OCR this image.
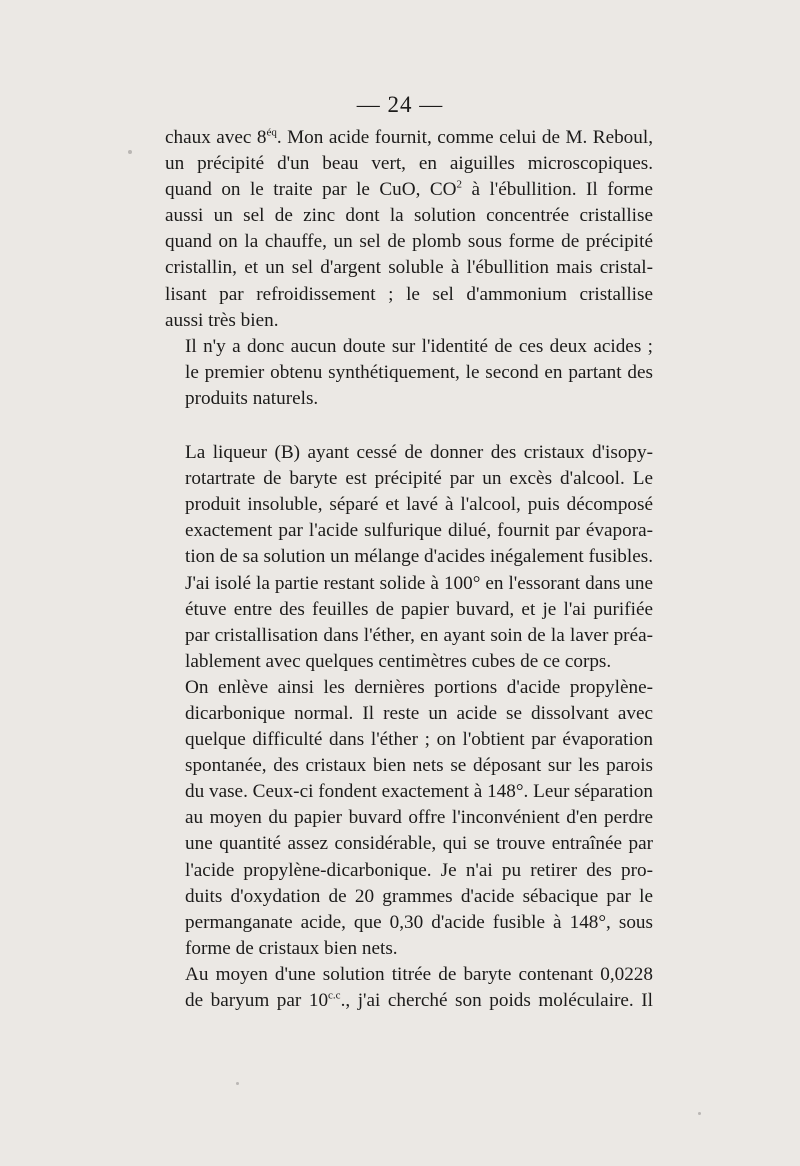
— 24 —

chaux avec $8^{éq}$. Mon acide fournit, comme celui de M. Reboul,
un précipité d'un beau vert, en aiguilles microscopiques.
quand on le traite par le CuO, $CO^2$ à l'ébullition. Il forme
aussi un sel de zinc dont la solution concentrée cristallise
quand on la chauffe, un sel de plomb sous forme de précipité
cristallin, et un sel d'argent soluble à l'ébullition mais cristal-
lisant par refroidissement ; le sel d'ammonium cristallise
aussi très bien.

Il n'y a donc aucun doute sur l'identité de ces deux acides ;
le premier obtenu synthétiquement, le second en partant des
produits naturels.

La liqueur (B) ayant cessé de donner des cristaux d'isopy-
rotartrate de baryte est précipité par un excès d'alcool. Le
produit insoluble, séparé et lavé à l'alcool, puis décomposé
exactement par l'acide sulfurique dilué, fournit par évapora-
tion de sa solution un mélange d'acides inégalement fusibles.
J'ai isolé la partie restant solide à 100° en l'essorant dans une
étuve entre des feuilles de papier buvard, et je l'ai purifiée
par cristallisation dans l'éther, en ayant soin de la laver préa-
lablement avec quelques centimètres cubes de ce corps.

On enlève ainsi les dernières portions d'acide propylène-
dicarbonique normal. Il reste un acide se dissolvant avec
quelque difficulté dans l'éther ; on l'obtient par évaporation
spontanée, des cristaux bien nets se déposant sur les parois
du vase. Ceux-ci fondent exactement à 148°. Leur séparation
au moyen du papier buvard offre l'inconvénient d'en perdre
une quantité assez considérable, qui se trouve entraînée par
l'acide propylène-dicarbonique. Je n'ai pu retirer des pro-
duits d'oxydation de 20 grammes d'acide sébacique par le
permanganate acide, que 0,30 d'acide fusible à 148°, sous
forme de cristaux bien nets.

Au moyen d'une solution titrée de baryte contenant 0,0228
de baryum par $10^{c.c}$., j'ai cherché son poids moléculaire. Il
